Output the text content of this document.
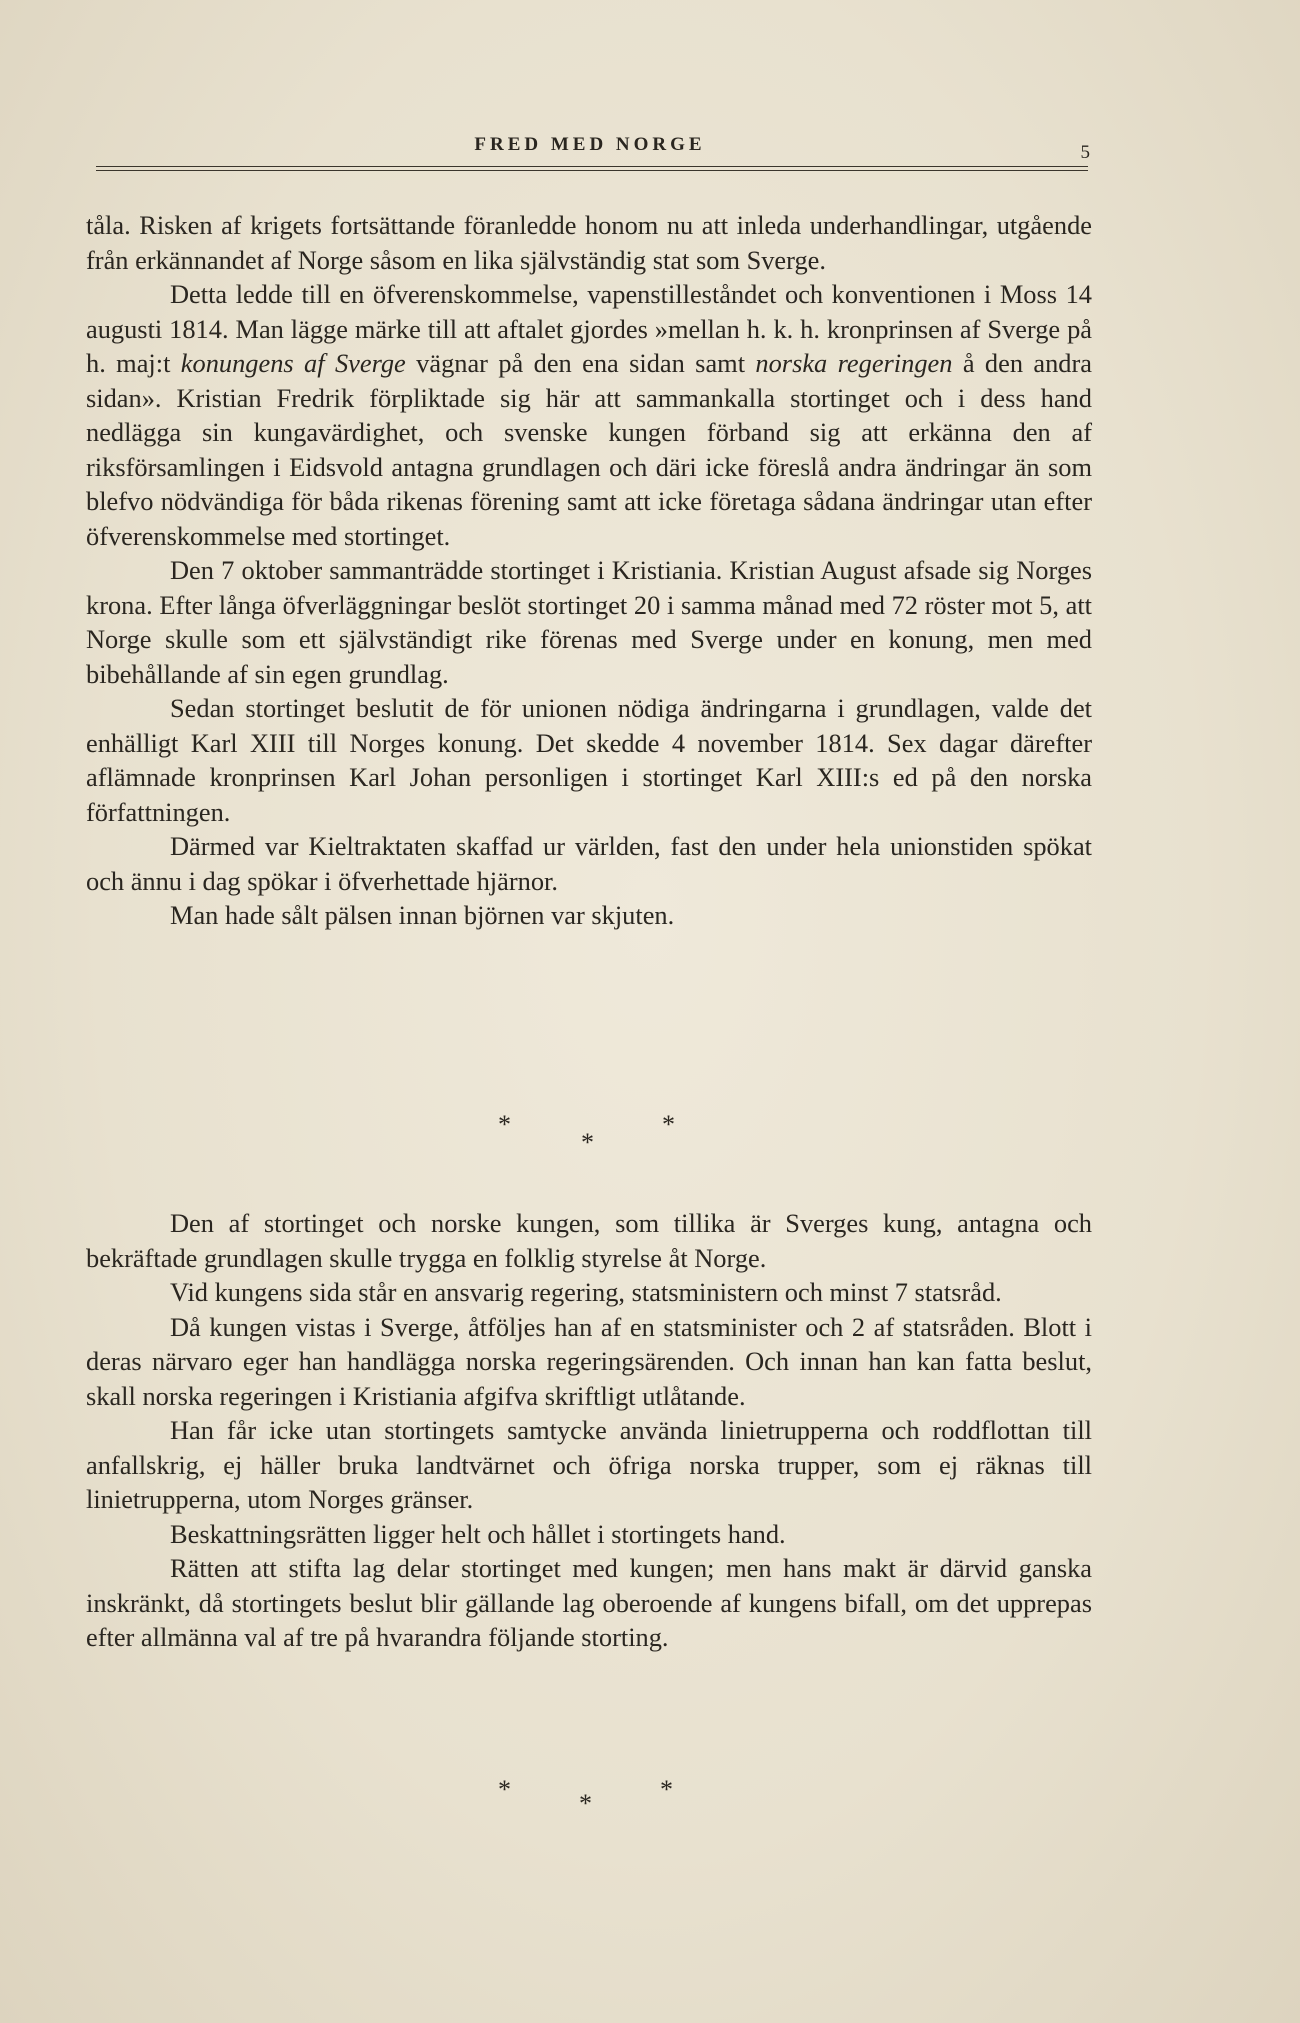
FRED MED NORGE	5

tåla. Risken af krigets fortsättande föranledde honom nu att inleda underhandlingar, utgående från erkännandet af Norge såsom en lika självständig stat som Sverge.

Detta ledde till en öfverenskommelse, vapenstilleståndet och konventionen i Moss 14 augusti 1814. Man lägge märke till att aftalet gjordes »mellan h. k. h. kronprinsen af Sverge på h. maj:t konungens af Sverge vägnar på den ena sidan samt norska regeringen å den andra sidan». Kristian Fredrik förpliktade sig här att sammankalla stortinget och i dess hand nedlägga sin kungavärdighet, och svenske kungen förband sig att erkänna den af riksförsamlingen i Eidsvold antagna grundlagen och däri icke föreslå andra ändringar än som blefvo nödvändiga för båda rikenas förening samt att icke företaga sådana ändringar utan efter öfverenskommelse med stortinget.

Den 7 oktober sammanträdde stortinget i Kristiania. Kristian August afsade sig Norges krona. Efter långa öfverläggningar beslöt stortinget 20 i samma månad med 72 röster mot 5, att Norge skulle som ett självständigt rike förenas med Sverge under en konung, men med bibehållande af sin egen grundlag.

Sedan stortinget beslutit de för unionen nödiga ändringarna i grundlagen, valde det enhälligt Karl XIII till Norges konung. Det skedde 4 november 1814. Sex dagar därefter aflämnade kronprinsen Karl Johan personligen i stortinget Karl XIII:s ed på den norska författningen.

Därmed var Kieltraktaten skaffad ur världen, fast den under hela unionstiden spökat och ännu i dag spökar i öfverhettade hjärnor.

Man hade sålt pälsen innan björnen var skjuten.

*
*
*

Den af stortinget och norske kungen, som tillika är Sverges kung, antagna och bekräftade grundlagen skulle trygga en folklig styrelse åt Norge.

Vid kungens sida står en ansvarig regering, statsministern och minst 7 statsråd.

Då kungen vistas i Sverge, åtföljes han af en statsminister och 2 af statsråden. Blott i deras närvaro eger han handlägga norska regeringsärenden. Och innan han kan fatta beslut, skall norska regeringen i Kristiania afgifva skriftligt utlåtande.

Han får icke utan stortingets samtycke använda linietrupperna och roddflottan till anfallskrig, ej häller bruka landtvärnet och öfriga norska trupper, som ej räknas till linietrupperna, utom Norges gränser.

Beskattningsrätten ligger helt och hållet i stortingets hand.

Rätten att stifta lag delar stortinget med kungen; men hans makt är därvid ganska inskränkt, då stortingets beslut blir gällande lag oberoende af kungens bifall, om det upprepas efter allmänna val af tre på hvarandra följande storting.

*	*	*
